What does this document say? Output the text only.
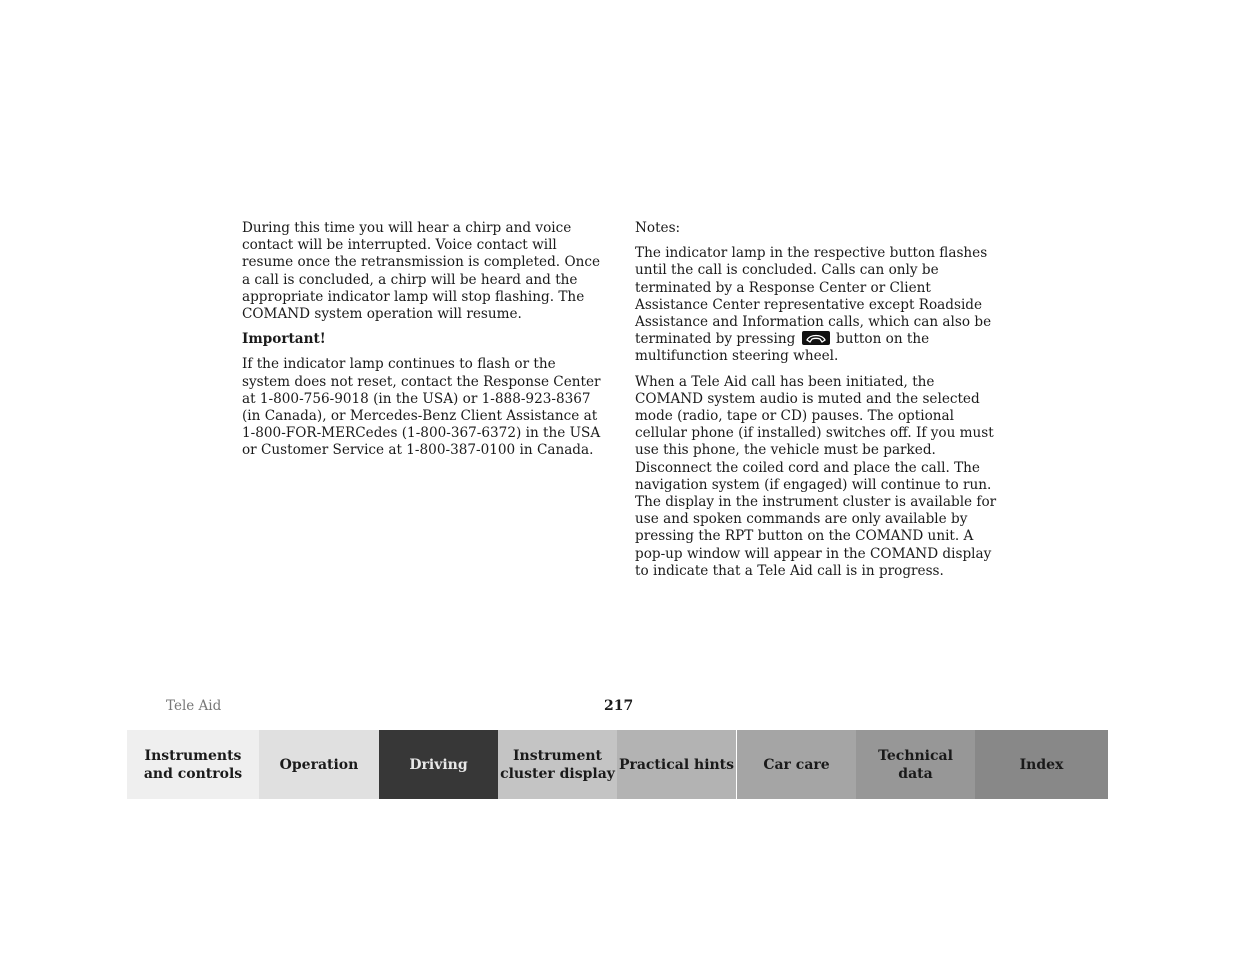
During this time you will hear a chirp and voice contact will be interrupted. Voice contact will resume once the retransmission is completed. Once a call is concluded, a chirp will be heard and the appropriate indicator lamp will stop flashing. The COMAND system operation will resume.

Important!

If the indicator lamp continues to flash or the system does not reset, contact the Response Center at 1-800-756-9018 (in the USA) or 1-888-923-8367 (in Canada), or Mercedes-Benz Client Assistance at 1-800-FOR-MERCedes (1-800-367-6372) in the USA or Customer Service at 1-800-387-0100 in Canada.

Notes:

The indicator lamp in the respective button flashes until the call is concluded. Calls can only be terminated by a Response Center or Client Assistance Center representative except Roadside Assistance and Information calls, which can also be terminated by pressing	button on the multifunction steering wheel.

When a Tele Aid call has been initiated, the COMAND system audio is muted and the selected mode (radio, tape or CD) pauses. The optional cellular phone (if installed) switches off. If you must use this phone, the vehicle must be parked. Disconnect the coiled cord and place the call. The navigation system (if engaged) will continue to run. The display in the instrument cluster is available for use and spoken commands are only available by pressing the RPT button on the COMAND unit. A pop-up window will appear in the COMAND display to indicate that a Tele Aid call is in progress.

Tele Aid	217
Instruments
and controls
Operation	Driving
Instrument
cluster display
Practical hints Car care
Technical
data
Index
